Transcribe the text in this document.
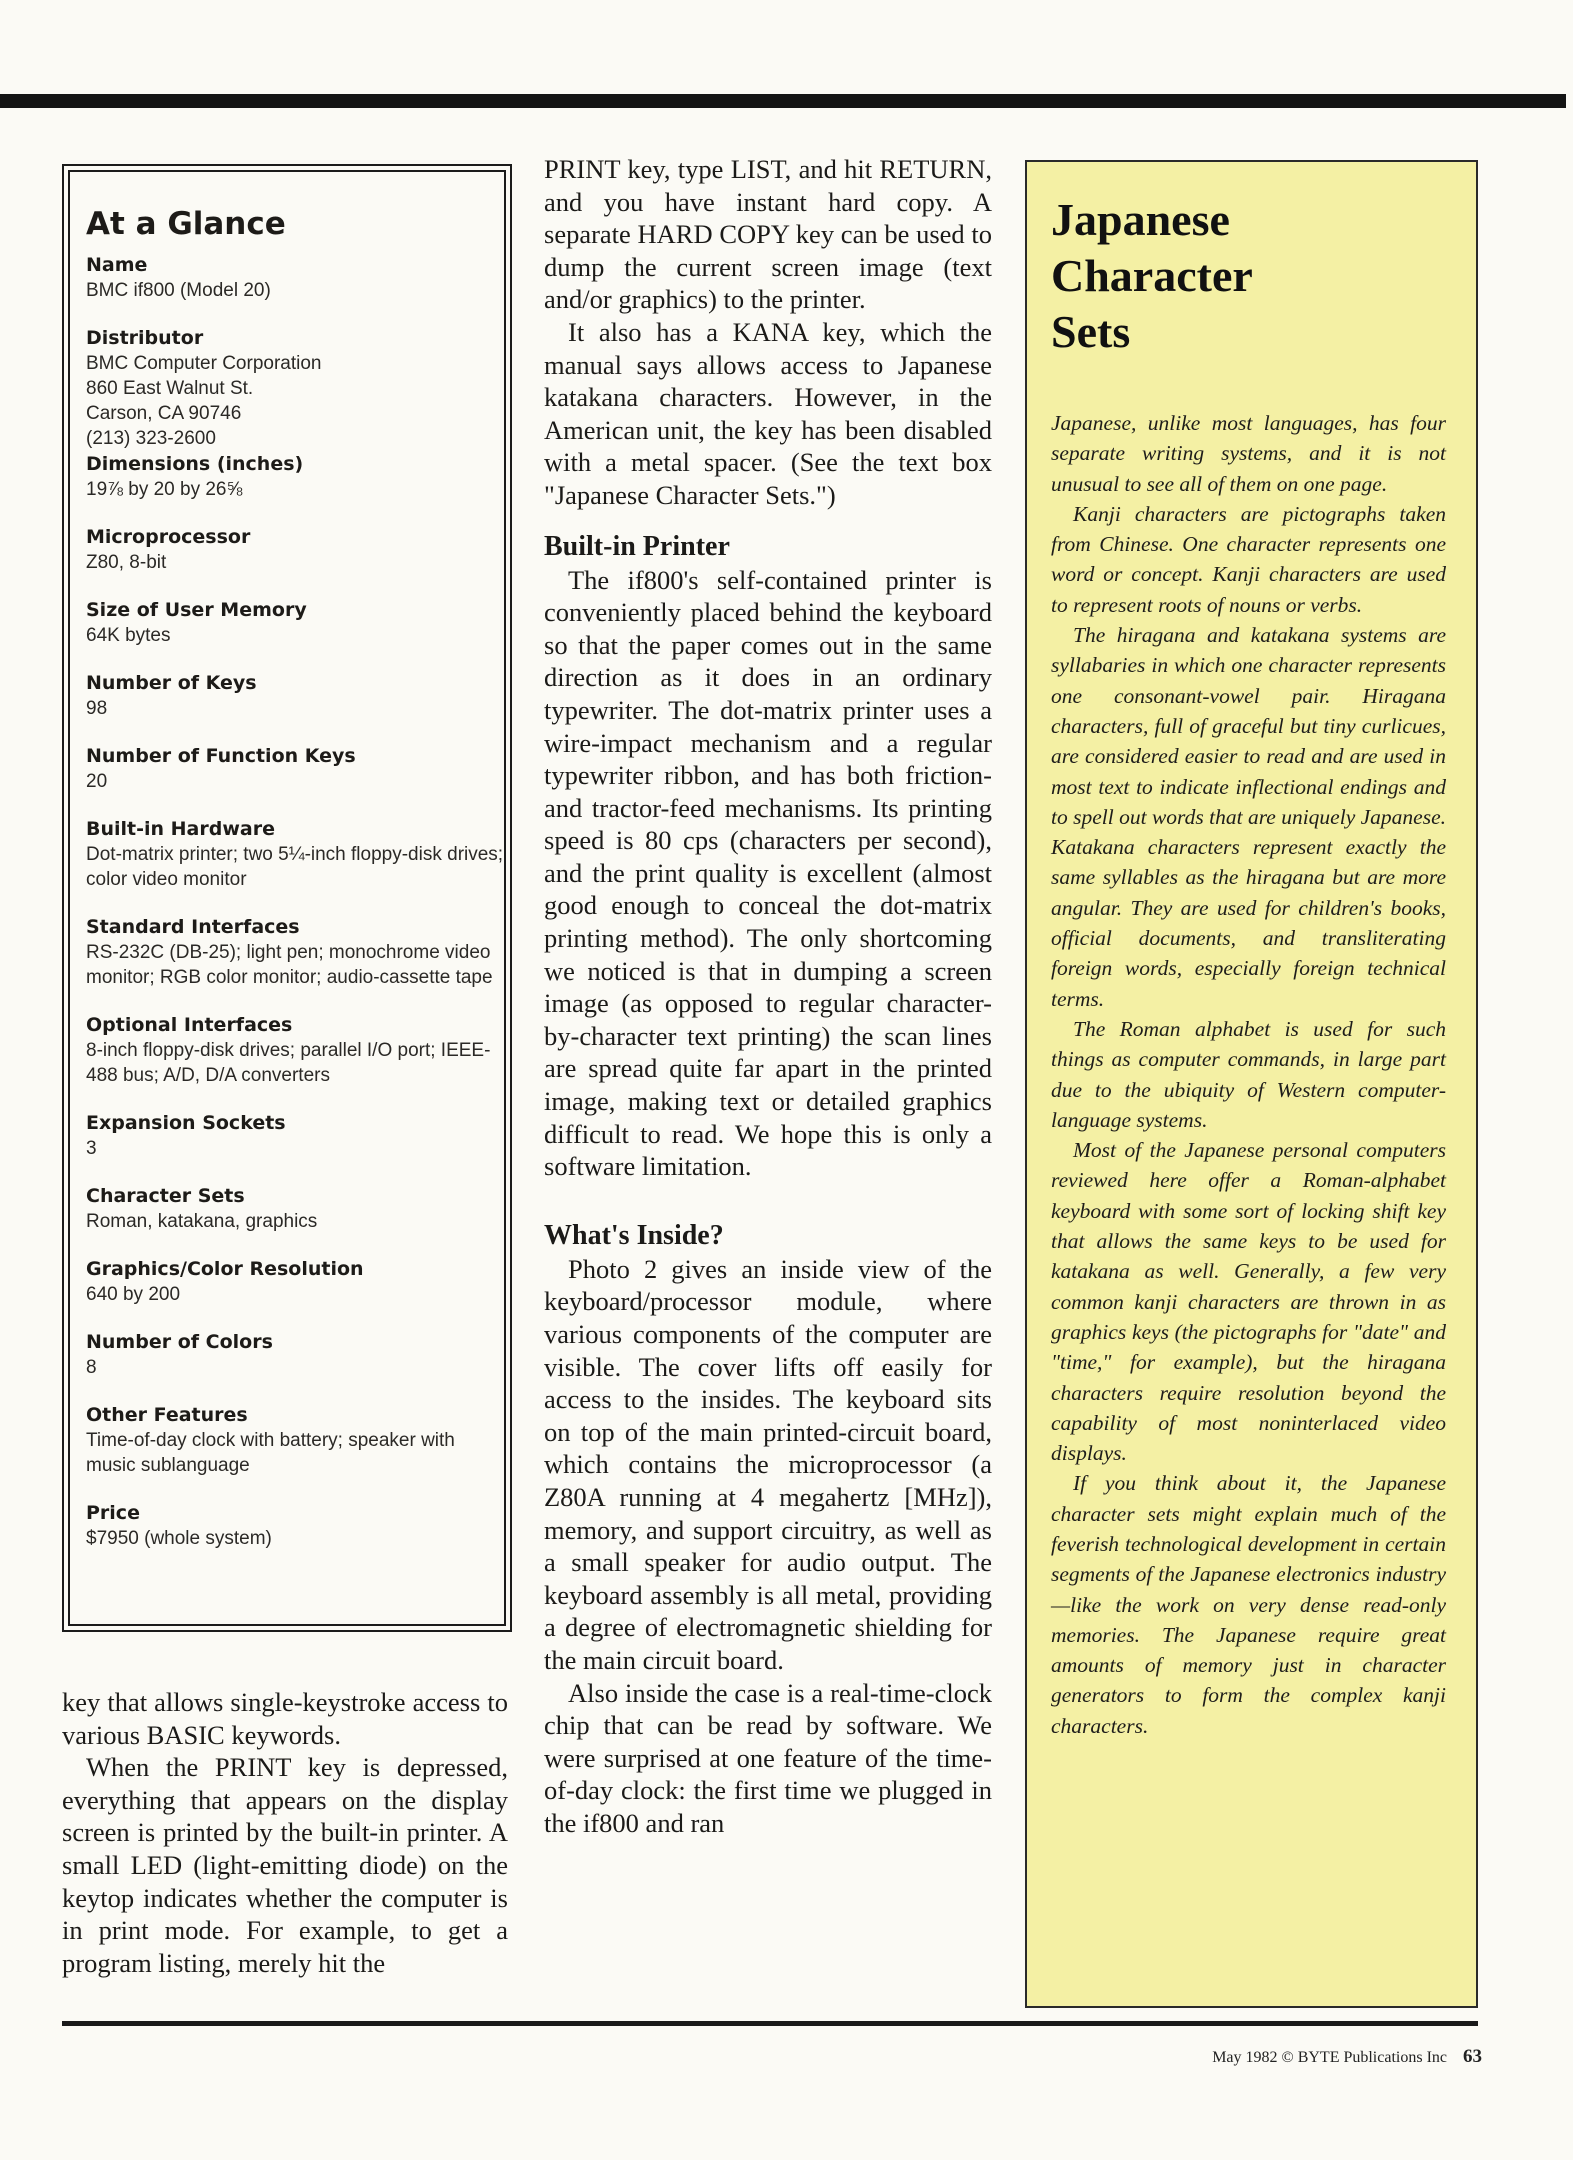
At a Glance
Name
BMC if800 (Model 20)
Distributor
BMC Computer Corporation
860 East Walnut St.
Carson, CA 90746
(213) 323-2600
Dimensions (inches)
19⅞ by 20 by 26⅝
Microprocessor
Z80, 8-bit
Size of User Memory
64K bytes
Number of Keys
98
Number of Function Keys
20
Built-in Hardware
Dot-matrix printer; two 5¼-inch floppy-disk drives; color video monitor
Standard Interfaces
RS-232C (DB-25); light pen; monochrome video monitor; RGB color monitor; audio-cassette tape
Optional Interfaces
8-inch floppy-disk drives; parallel I/O port; IEEE-488 bus; A/D, D/A converters
Expansion Sockets
3
Character Sets
Roman, katakana, graphics
Graphics/Color Resolution
640 by 200
Number of Colors
8
Other Features
Time-of-day clock with battery; speaker with music sublanguage
Price
$7950 (whole system)

key that allows single-keystroke access to various BASIC keywords.

When the PRINT key is depressed, everything that appears on the display screen is printed by the built-in printer. A small LED (light-emitting diode) on the keytop indicates whether the computer is in print mode. For example, to get a program listing, merely hit the

PRINT key, type LIST, and hit RETURN, and you have instant hard copy. A separate HARD COPY key can be used to dump the current screen image (text and/or graphics) to the printer.

It also has a KANA key, which the manual says allows access to Japanese katakana characters. However, in the American unit, the key has been disabled with a metal spacer. (See the text box "Japanese Character Sets.")

Built-in Printer

The if800's self-contained printer is conveniently placed behind the keyboard so that the paper comes out in the same direction as it does in an ordinary typewriter. The dot-matrix printer uses a wire-impact mechanism and a regular typewriter ribbon, and has both friction- and tractor-feed mechanisms. Its printing speed is 80 cps (characters per second), and the print quality is excellent (almost good enough to conceal the dot-matrix printing method). The only shortcoming we noticed is that in dumping a screen image (as opposed to regular character-by-character text printing) the scan lines are spread quite far apart in the printed image, making text or detailed graphics difficult to read. We hope this is only a software limitation.

What's Inside?

Photo 2 gives an inside view of the keyboard/processor module, where various components of the computer are visible. The cover lifts off easily for access to the insides. The keyboard sits on top of the main printed-circuit board, which contains the microprocessor (a Z80A running at 4 megahertz [MHz]), memory, and support circuitry, as well as a small speaker for audio output. The keyboard assembly is all metal, providing a degree of electromagnetic shielding for the main circuit board.

Also inside the case is a real-time-clock chip that can be read by software. We were surprised at one feature of the time-of-day clock: the first time we plugged in the if800 and ran

Japanese
Character
Sets

Japanese, unlike most languages, has four separate writing systems, and it is not unusual to see all of them on one page.

Kanji characters are pictographs taken from Chinese. One character represents one word or concept. Kanji characters are used to represent roots of nouns or verbs.

The hiragana and katakana systems are syllabaries in which one character represents one consonant-vowel pair. Hiragana characters, full of graceful but tiny curlicues, are considered easier to read and are used in most text to indicate inflectional endings and to spell out words that are uniquely Japanese. Katakana characters represent exactly the same syllables as the hiragana but are more angular. They are used for children's books, official documents, and transliterating foreign words, especially foreign technical terms.

The Roman alphabet is used for such things as computer commands, in large part due to the ubiquity of Western computer-language systems.

Most of the Japanese personal computers reviewed here offer a Roman-alphabet keyboard with some sort of locking shift key that allows the same keys to be used for katakana as well. Generally, a few very common kanji characters are thrown in as graphics keys (the pictographs for "date" and "time," for example), but the hiragana characters require resolution beyond the capability of most noninterlaced video displays.

If you think about it, the Japanese character sets might explain much of the feverish technological development in certain segments of the Japanese electronics industry—like the work on very dense read-only memories. The Japanese require great amounts of memory just in character generators to form the complex kanji characters.

May 1982 © BYTE Publications Inc 63
